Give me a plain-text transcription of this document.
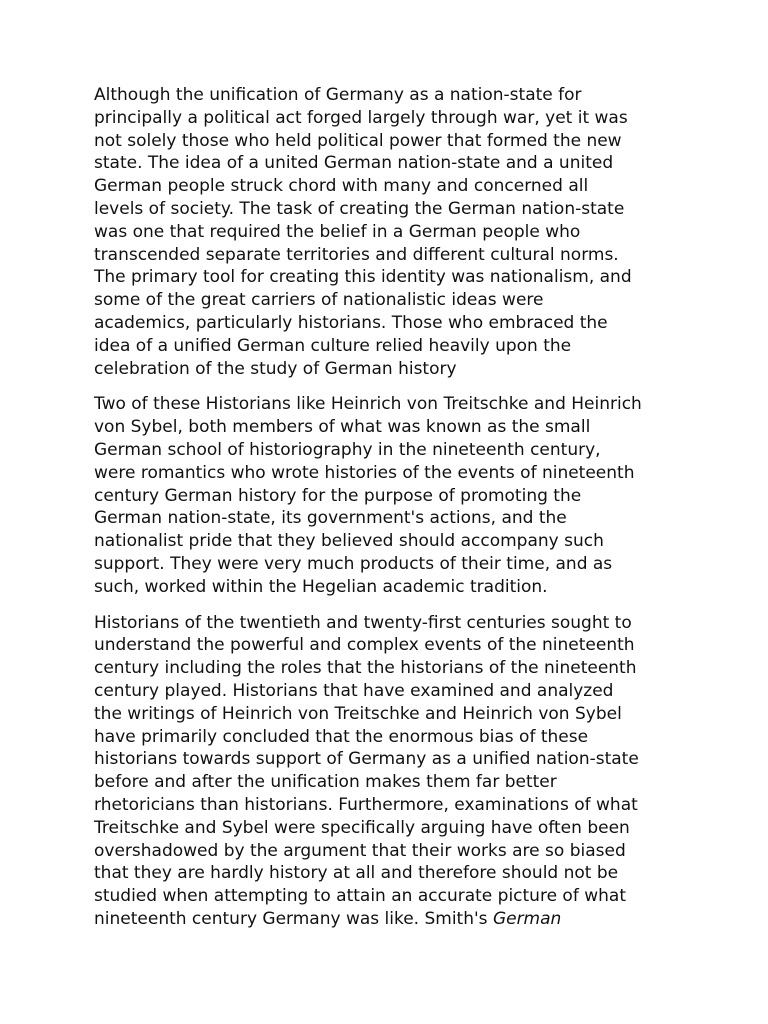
Although the unification of Germany as a nation-state for
principally a political act forged largely through war, yet it was
not solely those who held political power that formed the new
state. The idea of a united German nation-state and a united
German people struck chord with many and concerned all
levels of society. The task of creating the German nation-state
was one that required the belief in a German people who
transcended separate territories and different cultural norms.
The primary tool for creating this identity was nationalism, and
some of the great carriers of nationalistic ideas were
academics, particularly historians. Those who embraced the
idea of a unified German culture relied heavily upon the
celebration of the study of German history

Two of these Historians like Heinrich von Treitschke and Heinrich
von Sybel, both members of what was known as the small
German school of historiography in the nineteenth century,
were romantics who wrote histories of the events of nineteenth
century German history for the purpose of promoting the
German nation-state, its government's actions, and the
nationalist pride that they believed should accompany such
support. They were very much products of their time, and as
such, worked within the Hegelian academic tradition.

Historians of the twentieth and twenty-first centuries sought to
understand the powerful and complex events of the nineteenth
century including the roles that the historians of the nineteenth
century played. Historians that have examined and analyzed
the writings of Heinrich von Treitschke and Heinrich von Sybel
have primarily concluded that the enormous bias of these
historians towards support of Germany as a unified nation-state
before and after the unification makes them far better
rhetoricians than historians. Furthermore, examinations of what
Treitschke and Sybel were specifically arguing have often been
overshadowed by the argument that their works are so biased
that they are hardly history at all and therefore should not be
studied when attempting to attain an accurate picture of what
nineteenth century Germany was like. Smith's German
